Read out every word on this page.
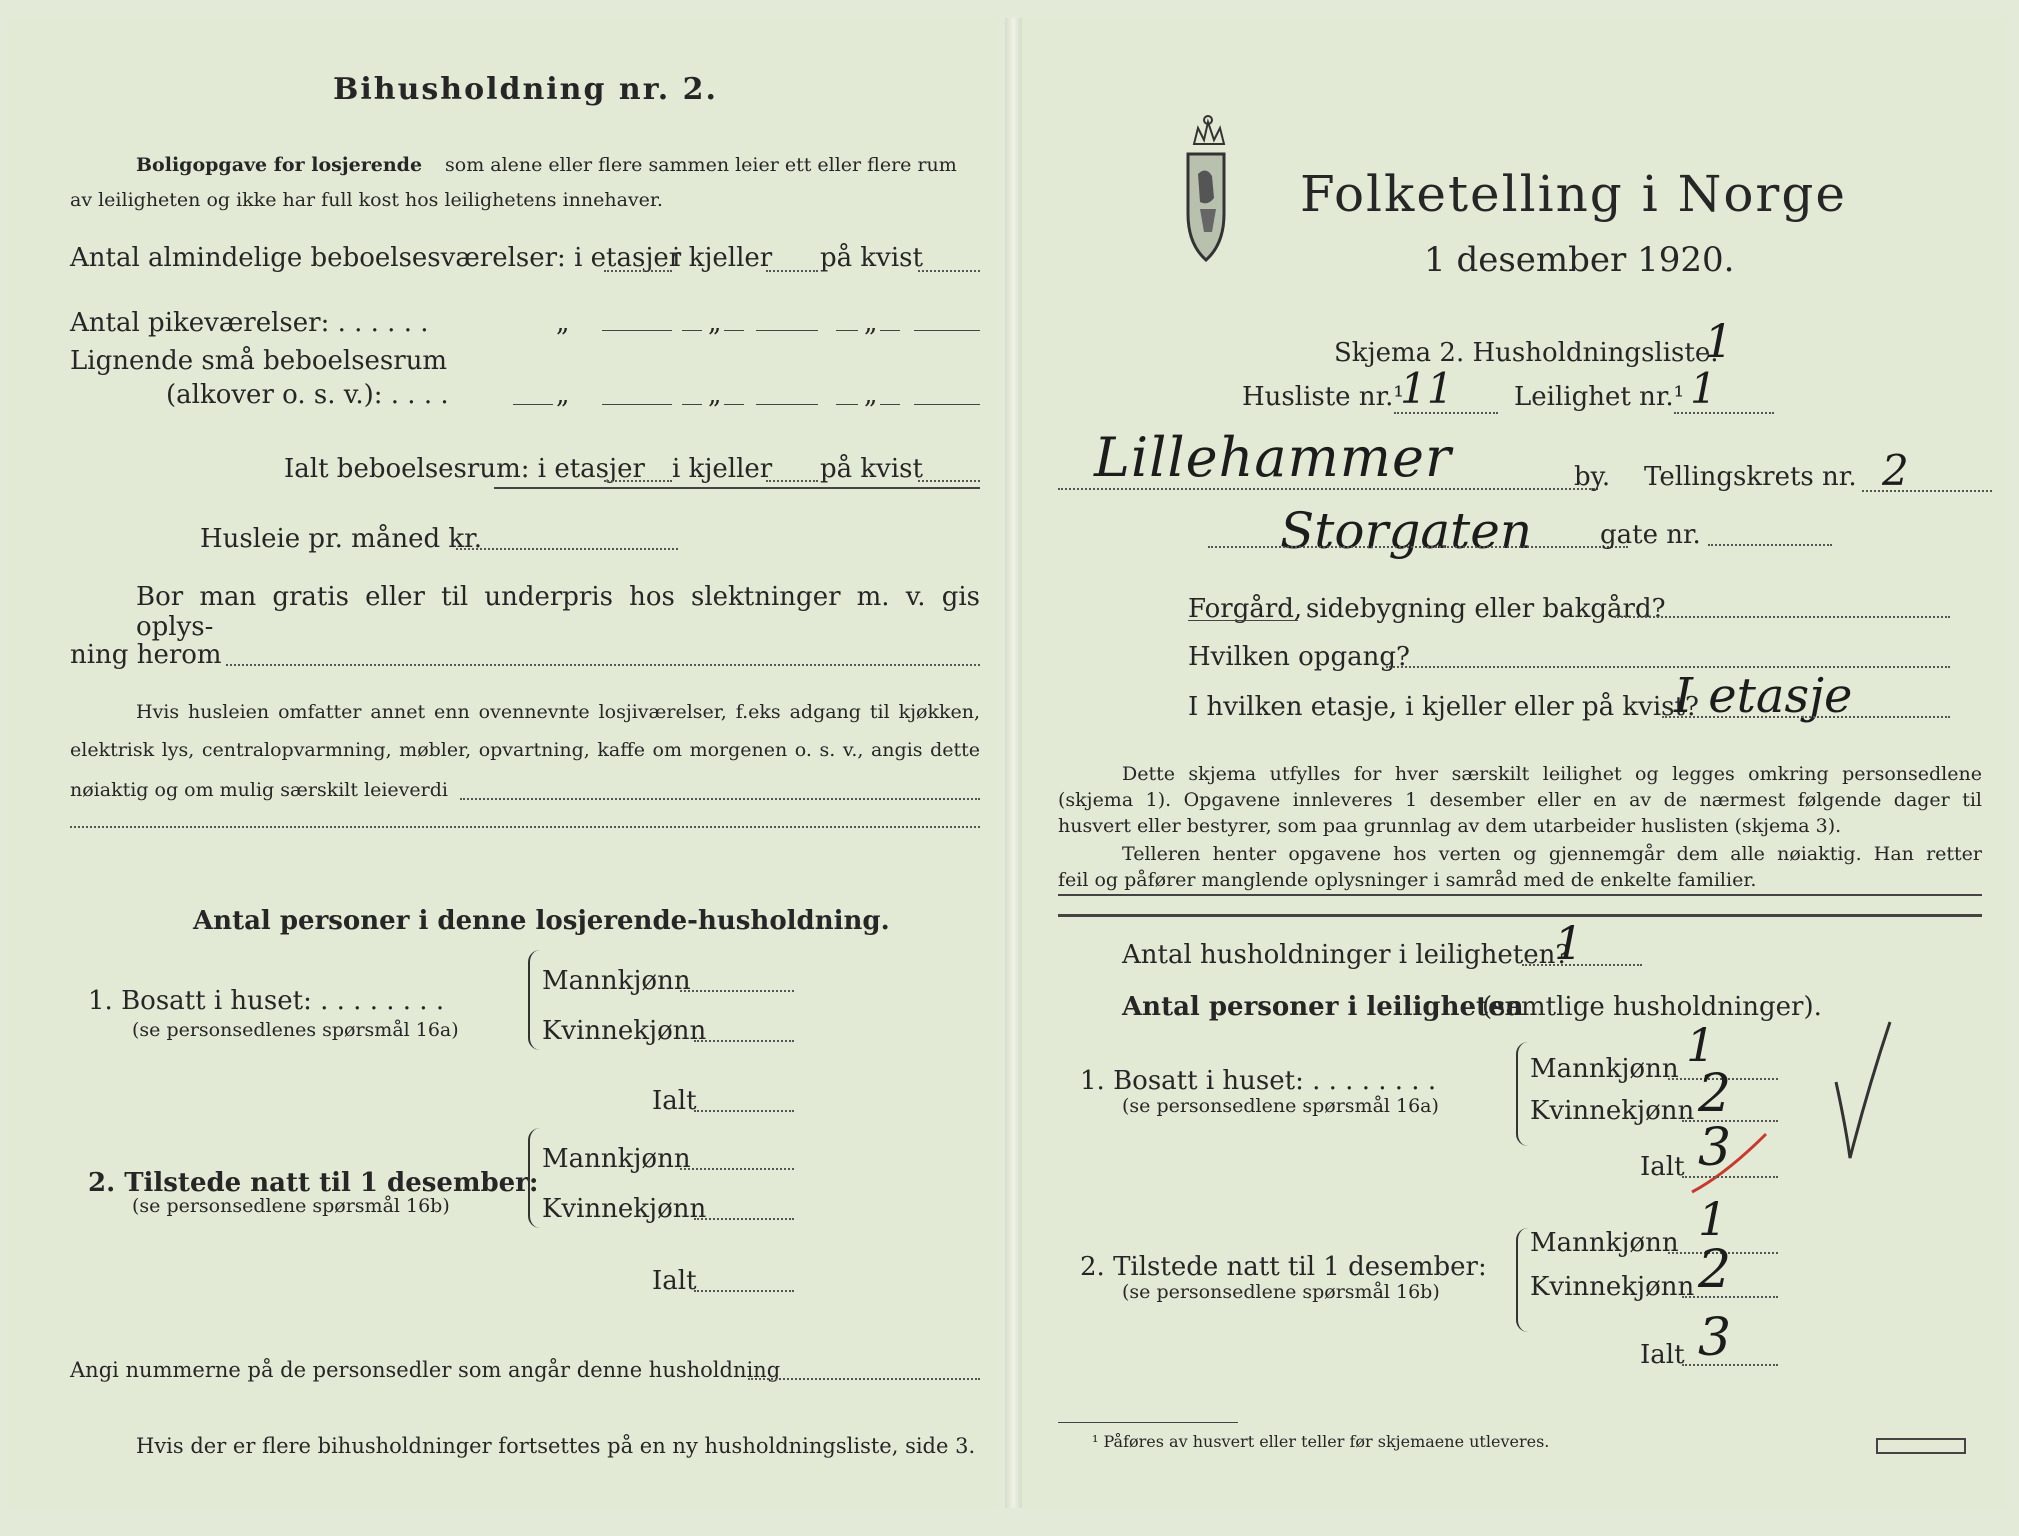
Bihusholdning nr. 2.
Boligopgave for losjerende som alene eller flere sammen leier ett eller flere rum
av leiligheten og ikke har full kost hos leilighetens innehaver.
Antal almindelige beboelsesværelser: i etasjer
i kjeller på kvist
Antal pikeværelser: . . . . . .	„	„	„
Lignende små beboelsesrum
(alkover o. s. v.): . . . .	„	„	„
Ialt beboelsesrum: i etasjer i kjeller på kvist
Husleie pr. måned kr.
Bor man gratis eller til underpris hos slektninger m. v. gis oplys-
ning herom
Hvis husleien omfatter annet enn ovennevnte losjiværelser, f.eks adgang til kjøkken,
elektrisk lys, centralopvarmning, møbler, opvartning, kaffe om morgenen o. s. v., angis dette
nøiaktig og om mulig særskilt leieverdi
Antal personer i denne losjerende-husholdning.
1. Bosatt i huset: . . . . . . . .
(se personsedlenes spørsmål 16a)
Mannkjønn
Kvinnekjønn
Ialt
2. Tilstede natt til 1 desember:
(se personsedlene spørsmål 16b)
Mannkjønn
Kvinnekjønn
Ialt
Angi nummerne på de personsedler som angår denne husholdning
Hvis der er flere bihusholdninger fortsettes på en ny husholdningsliste, side 3.
Folketelling i Norge
1 desember 1920.
Skjema 2. Husholdningsliste.
1
Husliste nr.¹
11 Leilighet nr.¹ 1
Lillehammer	by. Tellingskrets nr. 2
Storgaten	gate nr.
Forgård, sidebygning eller bakgård?
Hvilken opgang?
I hvilken etasje, i kjeller eller på kvist?
I etasje
Dette skjema utfylles for hver særskilt leilighet og legges omkring personsedlene
(skjema 1). Opgavene innleveres 1 desember eller en av de nærmest følgende dager til
husvert eller bestyrer, som paa grunnlag av dem utarbeider huslisten (skjema 3).
Telleren henter opgavene hos verten og gjennemgår dem alle nøiaktig. Han retter
feil og påfører manglende oplysninger i samråd med de enkelte familier.
Antal husholdninger i leiligheten?
1
Antal personer i leiligheten
(samtlige husholdninger).
1. Bosatt i huset: . . . . . . . .
(se personsedlene spørsmål 16a)
Mannkjønn 1
Kvinnekjønn 2
Ialt 3
2. Tilstede natt til 1 desember:
(se personsedlene spørsmål 16b)
Mannkjønn 1
Kvinnekjønn 2
Ialt 3
¹ Påføres av husvert eller teller før skjemaene utleveres.
